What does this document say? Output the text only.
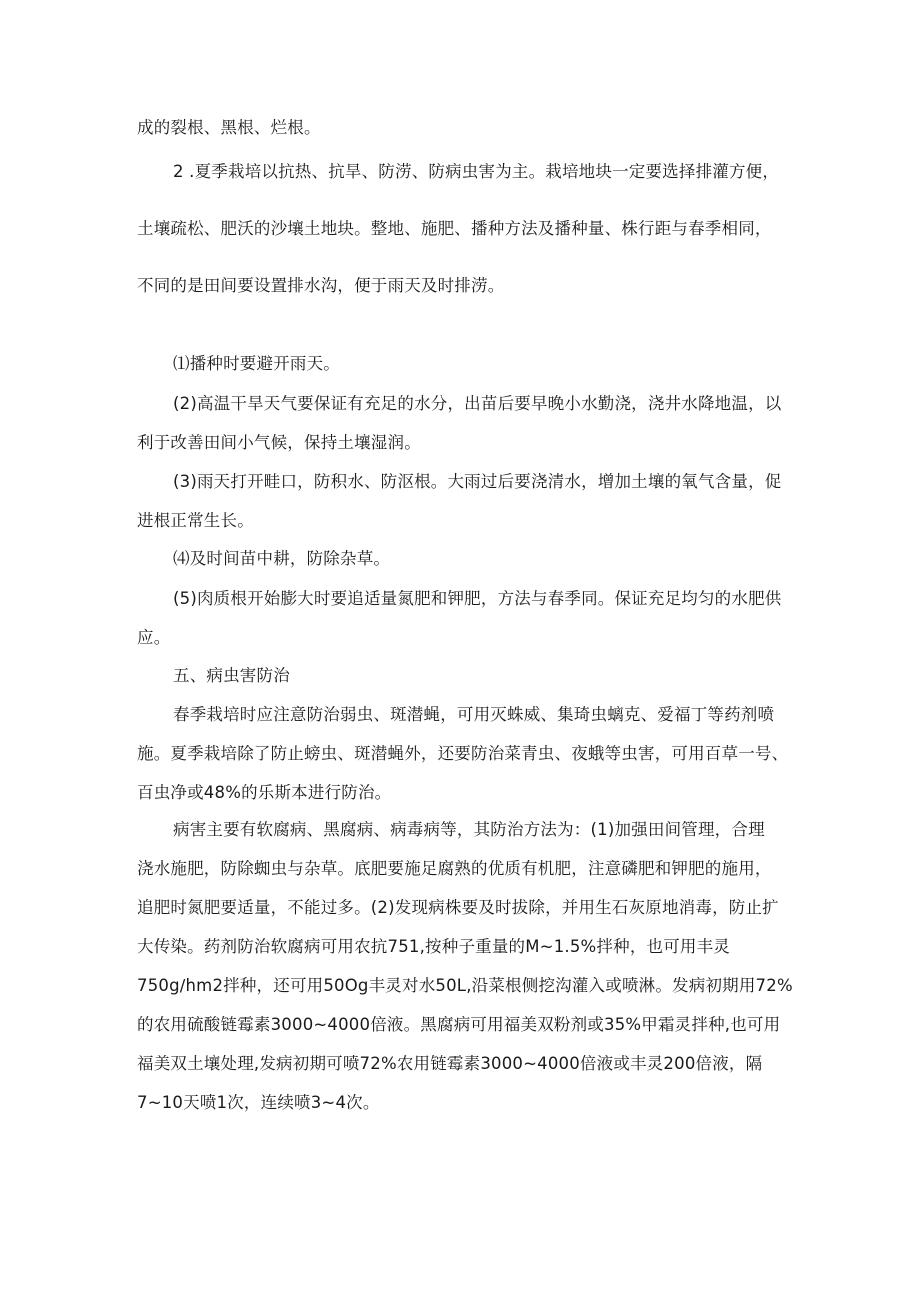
成的裂根、黑根、烂根。

2 .夏季栽培以抗热、抗旱、防涝、防病虫害为主。栽培地块一定要选择排灌方便，

土壤疏松、肥沃的沙壤土地块。整地、施肥、播种方法及播种量、株行距与春季相同，

不同的是田间要设置排水沟，便于雨天及时排涝。

⑴播种时要避开雨天。

(2)高温干旱天气要保证有充足的水分，出苗后要早晚小水勤浇，浇井水降地温，以

利于改善田间小气候，保持土壤湿润。

(3)雨天打开畦口，防积水、防沤根。大雨过后要浇清水，增加土壤的氧气含量，促

进根正常生长。

⑷及时间苗中耕，防除杂草。

(5)肉质根开始膨大时要追适量氮肥和钾肥，方法与春季同。保证充足均匀的水肥供

应。

五、病虫害防治

春季栽培时应注意防治弱虫、斑潜蝇，可用灭蛛威、集琦虫螭克、爱福丁等药剂喷

施。夏季栽培除了防止螃虫、斑潜蝇外，还要防治菜青虫、夜蛾等虫害，可用百草一号、

百虫净或48%的乐斯本进行防治。

病害主要有软腐病、黑腐病、病毒病等，其防治方法为：(1)加强田间管理，合理

浇水施肥，防除蜘虫与杂草。底肥要施足腐熟的优质有机肥，注意磷肥和钾肥的施用，

追肥时氮肥要适量，不能过多。(2)发现病株要及时拔除，并用生石灰原地消毒，防止扩

大传染。药剂防治软腐病可用农抗751,按种子重量的M~1.5%拌种，也可用丰灵

750g∕hm2拌种，还可用50Og丰灵对水50L,沿菜根侧挖沟灌入或喷淋。发病初期用72%

的农用硫酸链霉素3000~4000倍液。黑腐病可用福美双粉剂或35%甲霜灵拌种,也可用

福美双土壤处理,发病初期可喷72%农用链霉素3000~4000倍液或丰灵200倍液，隔

7~10天喷1次，连续喷3~4次。
